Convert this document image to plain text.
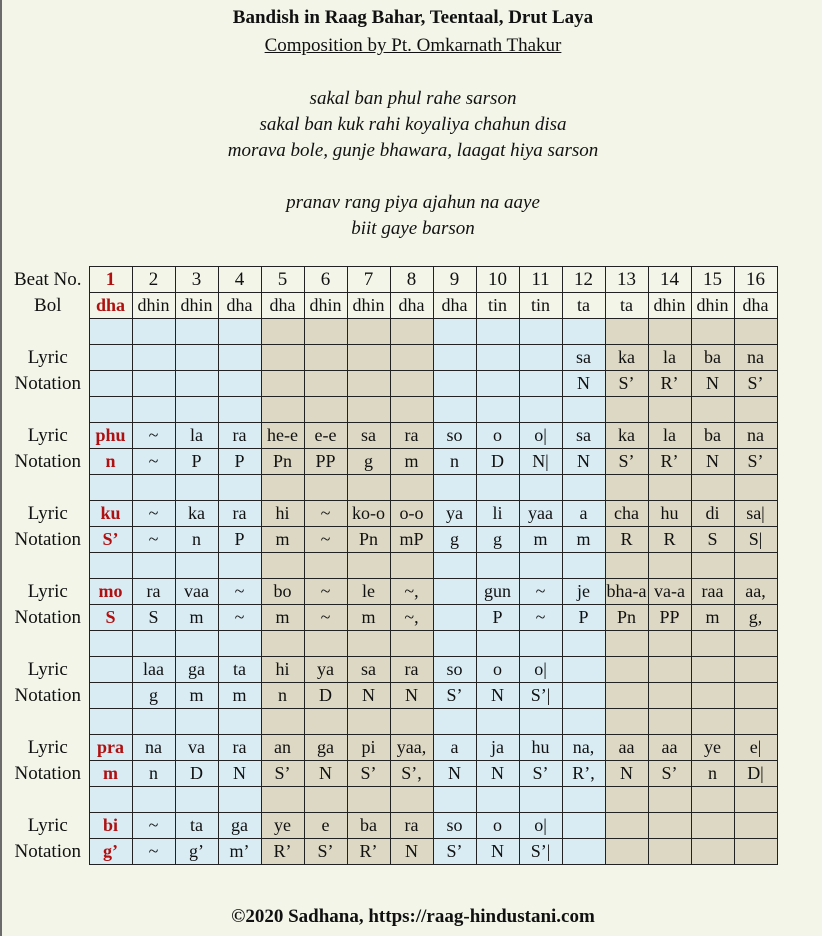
Bandish in Raag Bahar, Teentaal, Drut Laya
Composition by Pt. Omkarnath Thakur
sakal ban phul rahe sarson
sakal ban kuk rahi koyaliya chahun disa
morava bole, gunje bhawara, laagat hiya sarson
pranav rang piya ajahun na aaye
biit gaye barson
Beat No.	1	2	3	4	5	6	7	8	9	10	11	12	13	14	15	16
Bol	dha	dhin	dhin	dha	dha	dhin	dhin	dha	dha	tin	tin	ta	ta	dhin	dhin	dha

Lyric												sa	ka	la	ba	na
Notation												N	S’	R’	N	S’

Lyric	phu	~	la	ra	he-e	e-e	sa	ra	so	o	o|	sa	ka	la	ba	na
Notation	n	~	P	P	Pn	PP	g	m	n	D	N|	N	S’	R’	N	S’

Lyric	ku	~	ka	ra	hi	~	ko-o	o-o	ya	li	yaa	a	cha	hu	di	sa|
Notation	S’	~	n	P	m	~	Pn	mP	g	g	m	m	R	R	S	S|

Lyric	mo	ra	vaa	~	bo	~	le	~,		gun	~	je	bha-a	va-a	raa	aa,
Notation	S	S	m	~	m	~	m	~,		P	~	P	Pn	PP	m	g,

Lyric		laa	ga	ta	hi	ya	sa	ra	so	o	o|					
Notation		g	m	m	n	D	N	N	S’	N	S’|					

Lyric	pra	na	va	ra	an	ga	pi	yaa,	a	ja	hu	na,	aa	aa	ye	e|
Notation	m	n	D	N	S’	N	S’	S’,	N	N	S’	R’,	N	S’	n	D|

Lyric	bi	~	ta	ga	ye	e	ba	ra	so	o	o|					
Notation	g’	~	g’	m’	R’	S’	R’	N	S’	N	S’|					
©2020 Sadhana, https://raag-hindustani.com
